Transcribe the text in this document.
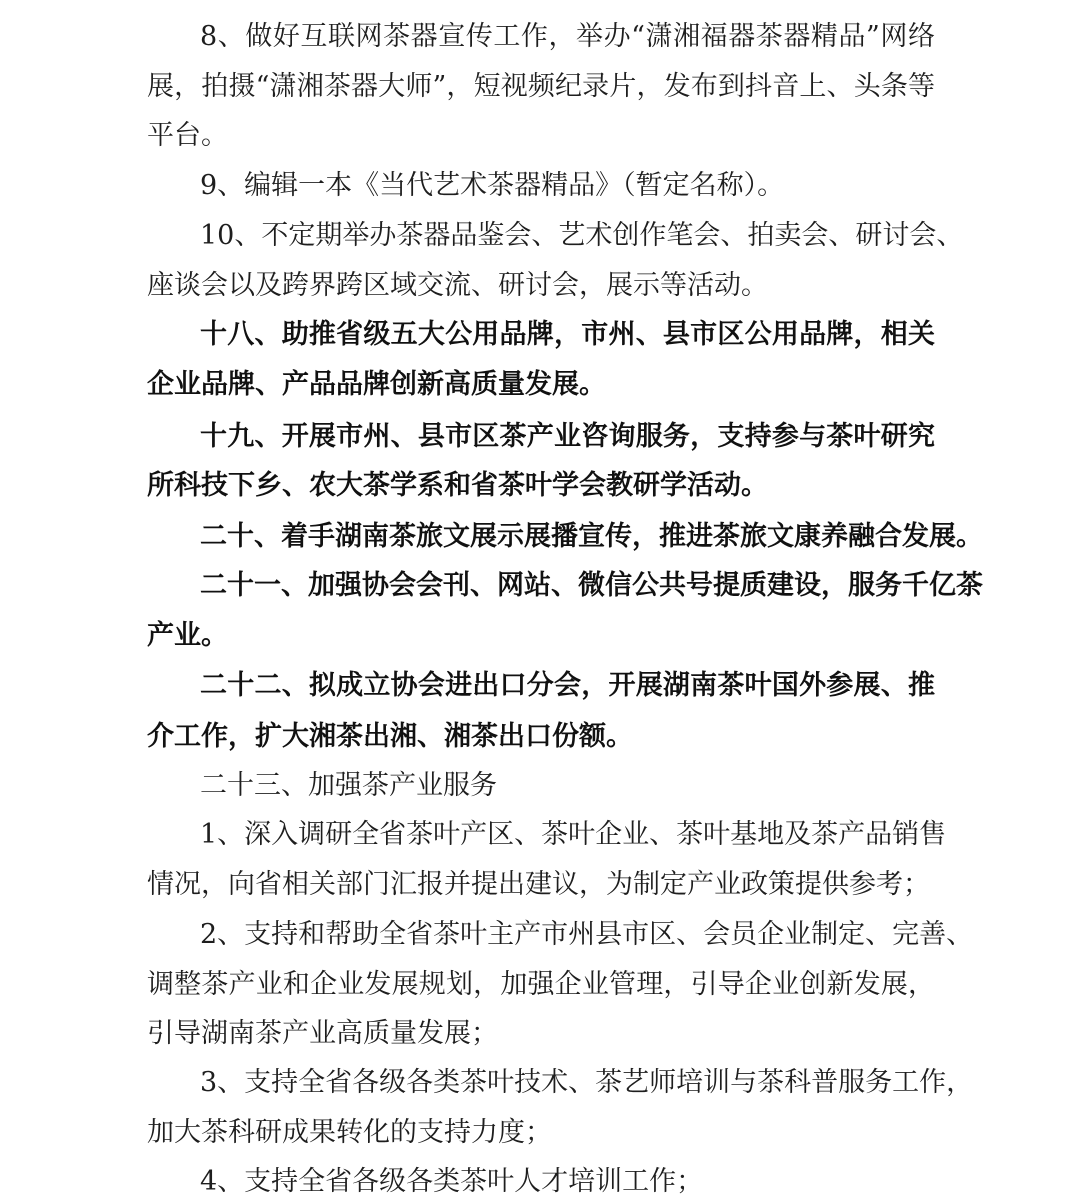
8、做好互联网茶器宣传工作，举办“潇湘福器茶器精品”网络
展，拍摄“潇湘茶器大师”，短视频纪录片，发布到抖音上、头条等
平台。
9、编辑一本《当代艺术茶器精品》（暂定名称）。
10、不定期举办茶器品鉴会、艺术创作笔会、拍卖会、研讨会、
座谈会以及跨界跨区域交流、研讨会，展示等活动。
十八、助推省级五大公用品牌，市州、县市区公用品牌，相关
企业品牌、产品品牌创新高质量发展。
十九、开展市州、县市区茶产业咨询服务，支持参与茶叶研究
所科技下乡、农大茶学系和省茶叶学会教研学活动。
二十、着手湖南茶旅文展示展播宣传，推进茶旅文康养融合发展。
二十一、加强协会会刊、网站、微信公共号提质建设，服务千亿茶
产业。
二十二、拟成立协会进出口分会，开展湖南茶叶国外参展、推
介工作，扩大湘茶出湘、湘茶出口份额。
二十三、加强茶产业服务
1、深入调研全省茶叶产区、茶叶企业、茶叶基地及茶产品销售
情况，向省相关部门汇报并提出建议，为制定产业政策提供参考；
2、支持和帮助全省茶叶主产市州县市区、会员企业制定、完善、
调整茶产业和企业发展规划，加强企业管理，引导企业创新发展，
引导湖南茶产业高质量发展；
3、支持全省各级各类茶叶技术、茶艺师培训与茶科普服务工作，
加大茶科研成果转化的支持力度；
4、支持全省各级各类茶叶人才培训工作；
